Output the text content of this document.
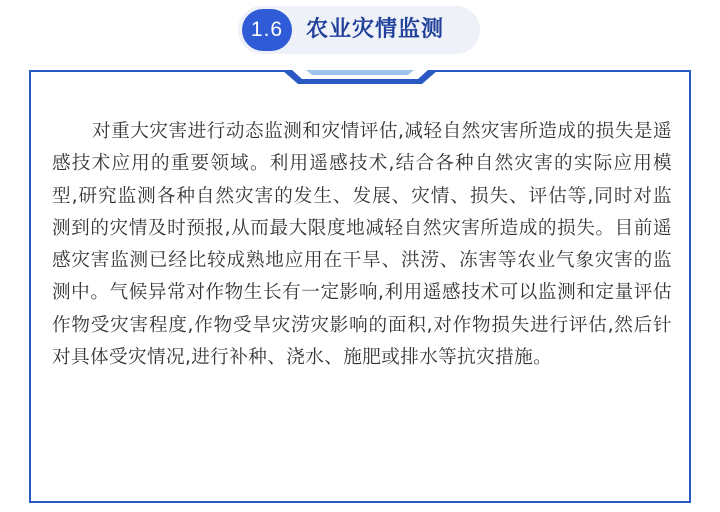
1.6	农业灾情监测

对重大灾害进行动态监测和灾情评估,减轻自然灾害所造成的损失是遥感技术应用的重要领域。利用遥感技术,结合各种自然灾害的实际应用模型,研究监测各种自然灾害的发生、发展、灾情、损失、评估等,同时对监测到的灾情及时预报,从而最大限度地减轻自然灾害所造成的损失。目前遥感灾害监测已经比较成熟地应用在干旱、洪涝、冻害等农业气象灾害的监测中。气候异常对作物生长有一定影响,利用遥感技术可以监测和定量评估作物受灾害程度,作物受旱灾涝灾影响的面积,对作物损失进行评估,然后针对具体受灾情况,进行补种、浇水、施肥或排水等抗灾措施。
